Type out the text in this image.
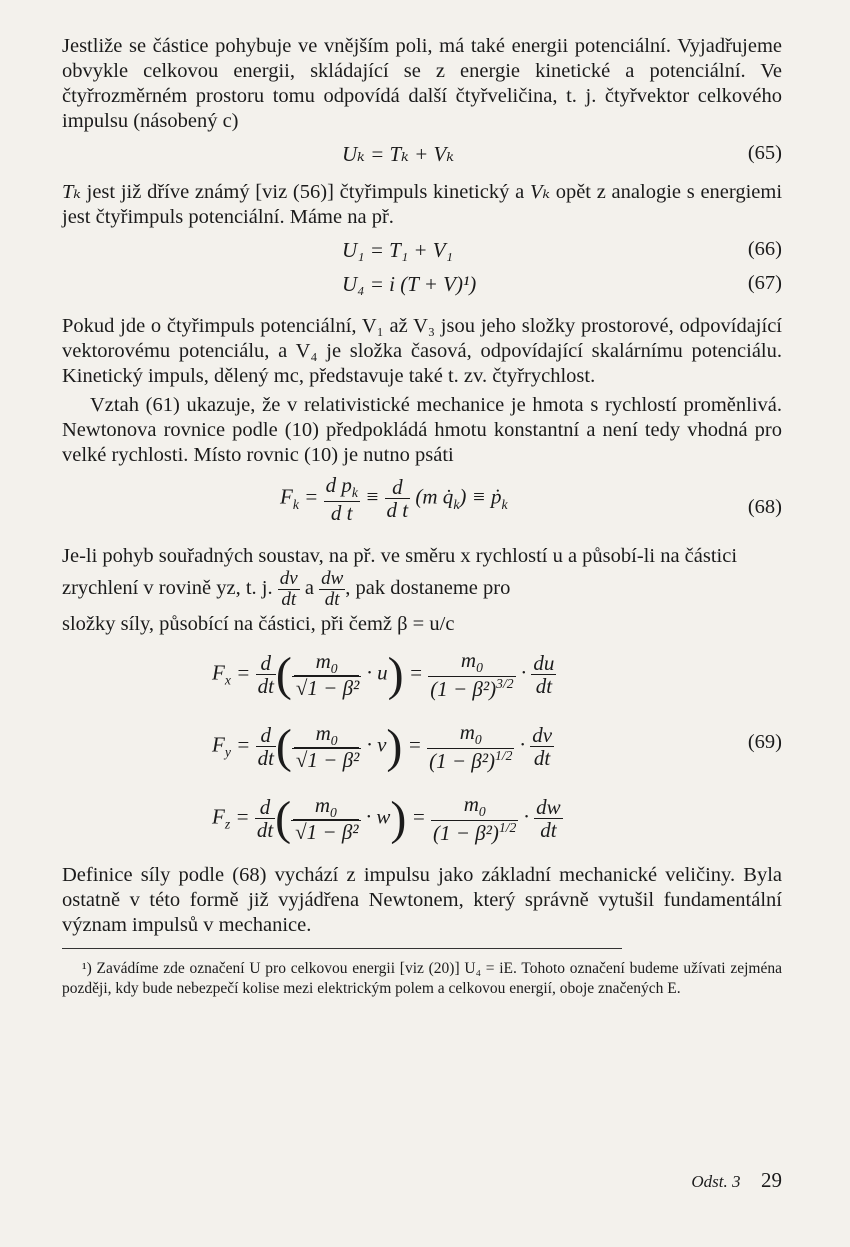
Jestliže se částice pohybuje ve vnějším poli, má také energii potenciální. Vyjadřujeme obvykle celkovou energii, skládající se z energie kinetické a potenciální. Ve čtyřrozměrném prostoru tomu odpovídá další čtyřveličina, t. j. čtyřvektor celkového impulsu (násobený c)

Uₖ = Tₖ + Vₖ	(65)

Tₖ jest již dříve známý [viz (56)] čtyřimpuls kinetický a Vₖ opět z analogie s energiemi jest čtyřimpuls potenciální. Máme na př.

U₁ = T₁ + V₁	(66)
U₄ = i (T + V)¹)	(67)

Pokud jde o čtyřimpuls potenciální, V₁ až V₃ jsou jeho složky prostorové, odpovídající vektorovému potenciálu, a V₄ je složka časová, odpovídající skalárnímu potenciálu. Kinetický impuls, dělený mc, představuje také t. zv. čtyřrychlost.

Vztah (61) ukazuje, že v relativistické mechanice je hmota s rychlostí proměnlivá. Newtonova rovnice podle (10) předpokládá hmotu konstantní a není tedy vhodná pro velké rychlosti. Místo rovnic (10) je nutno psáti

$F_k = \frac{d p_k}{\text{d t}} \equiv \frac{d}{\text{d t}} (m$ $q̇_k$) ≡ ṗ$_k$	(68)

Je-li pohyb souřadných soustav, na př. ve směru x rychlostí u a působí-li na částici zrychlení v rovině yz, t. j. $\frac{dv}{dt}$ a $\frac{dw}{dt}$ , pak dostaneme pro

složky síly, působící na částici, při čemž β = u/c

$F_x = \frac{d}{dt}$ ( $\frac{m_0}{\text{√1 − β²}} \cdot u) = \frac{m_0}{(1 - \beta^2)^{3/2}} \cdot \frac{du}{dt}$
$F_y = \frac{d}{dt}$ ( $\frac{m_0}{\text{√1 − β²}} \cdot v) = \frac{m_0}{(1 - \beta^2)^{1/2}} \cdot \frac{dv}{dt}$
$F_z = \frac{d}{dt}$ ( $\frac{m_0}{\text{√1 − β²}} \cdot w) = \frac{m_0}{(1 - \beta^2)^{1/2}} \cdot \frac{dw}{dt}$
(69)

Definice síly podle (68) vychází z impulsu jako základní mechanické veličiny. Byla ostatně v této formě již vyjádřena Newtonem, který správně vytušil fundamentální význam impulsů v mechanice.

¹) Zavádíme zde označení U pro celkovou energii [viz (20)] U₄ = iE. Tohoto označení budeme užívati zejména později, kdy bude nebezpečí kolise mezi elektrickým polem a celkovou energií, oboje značených E.

Odst. 3 29
